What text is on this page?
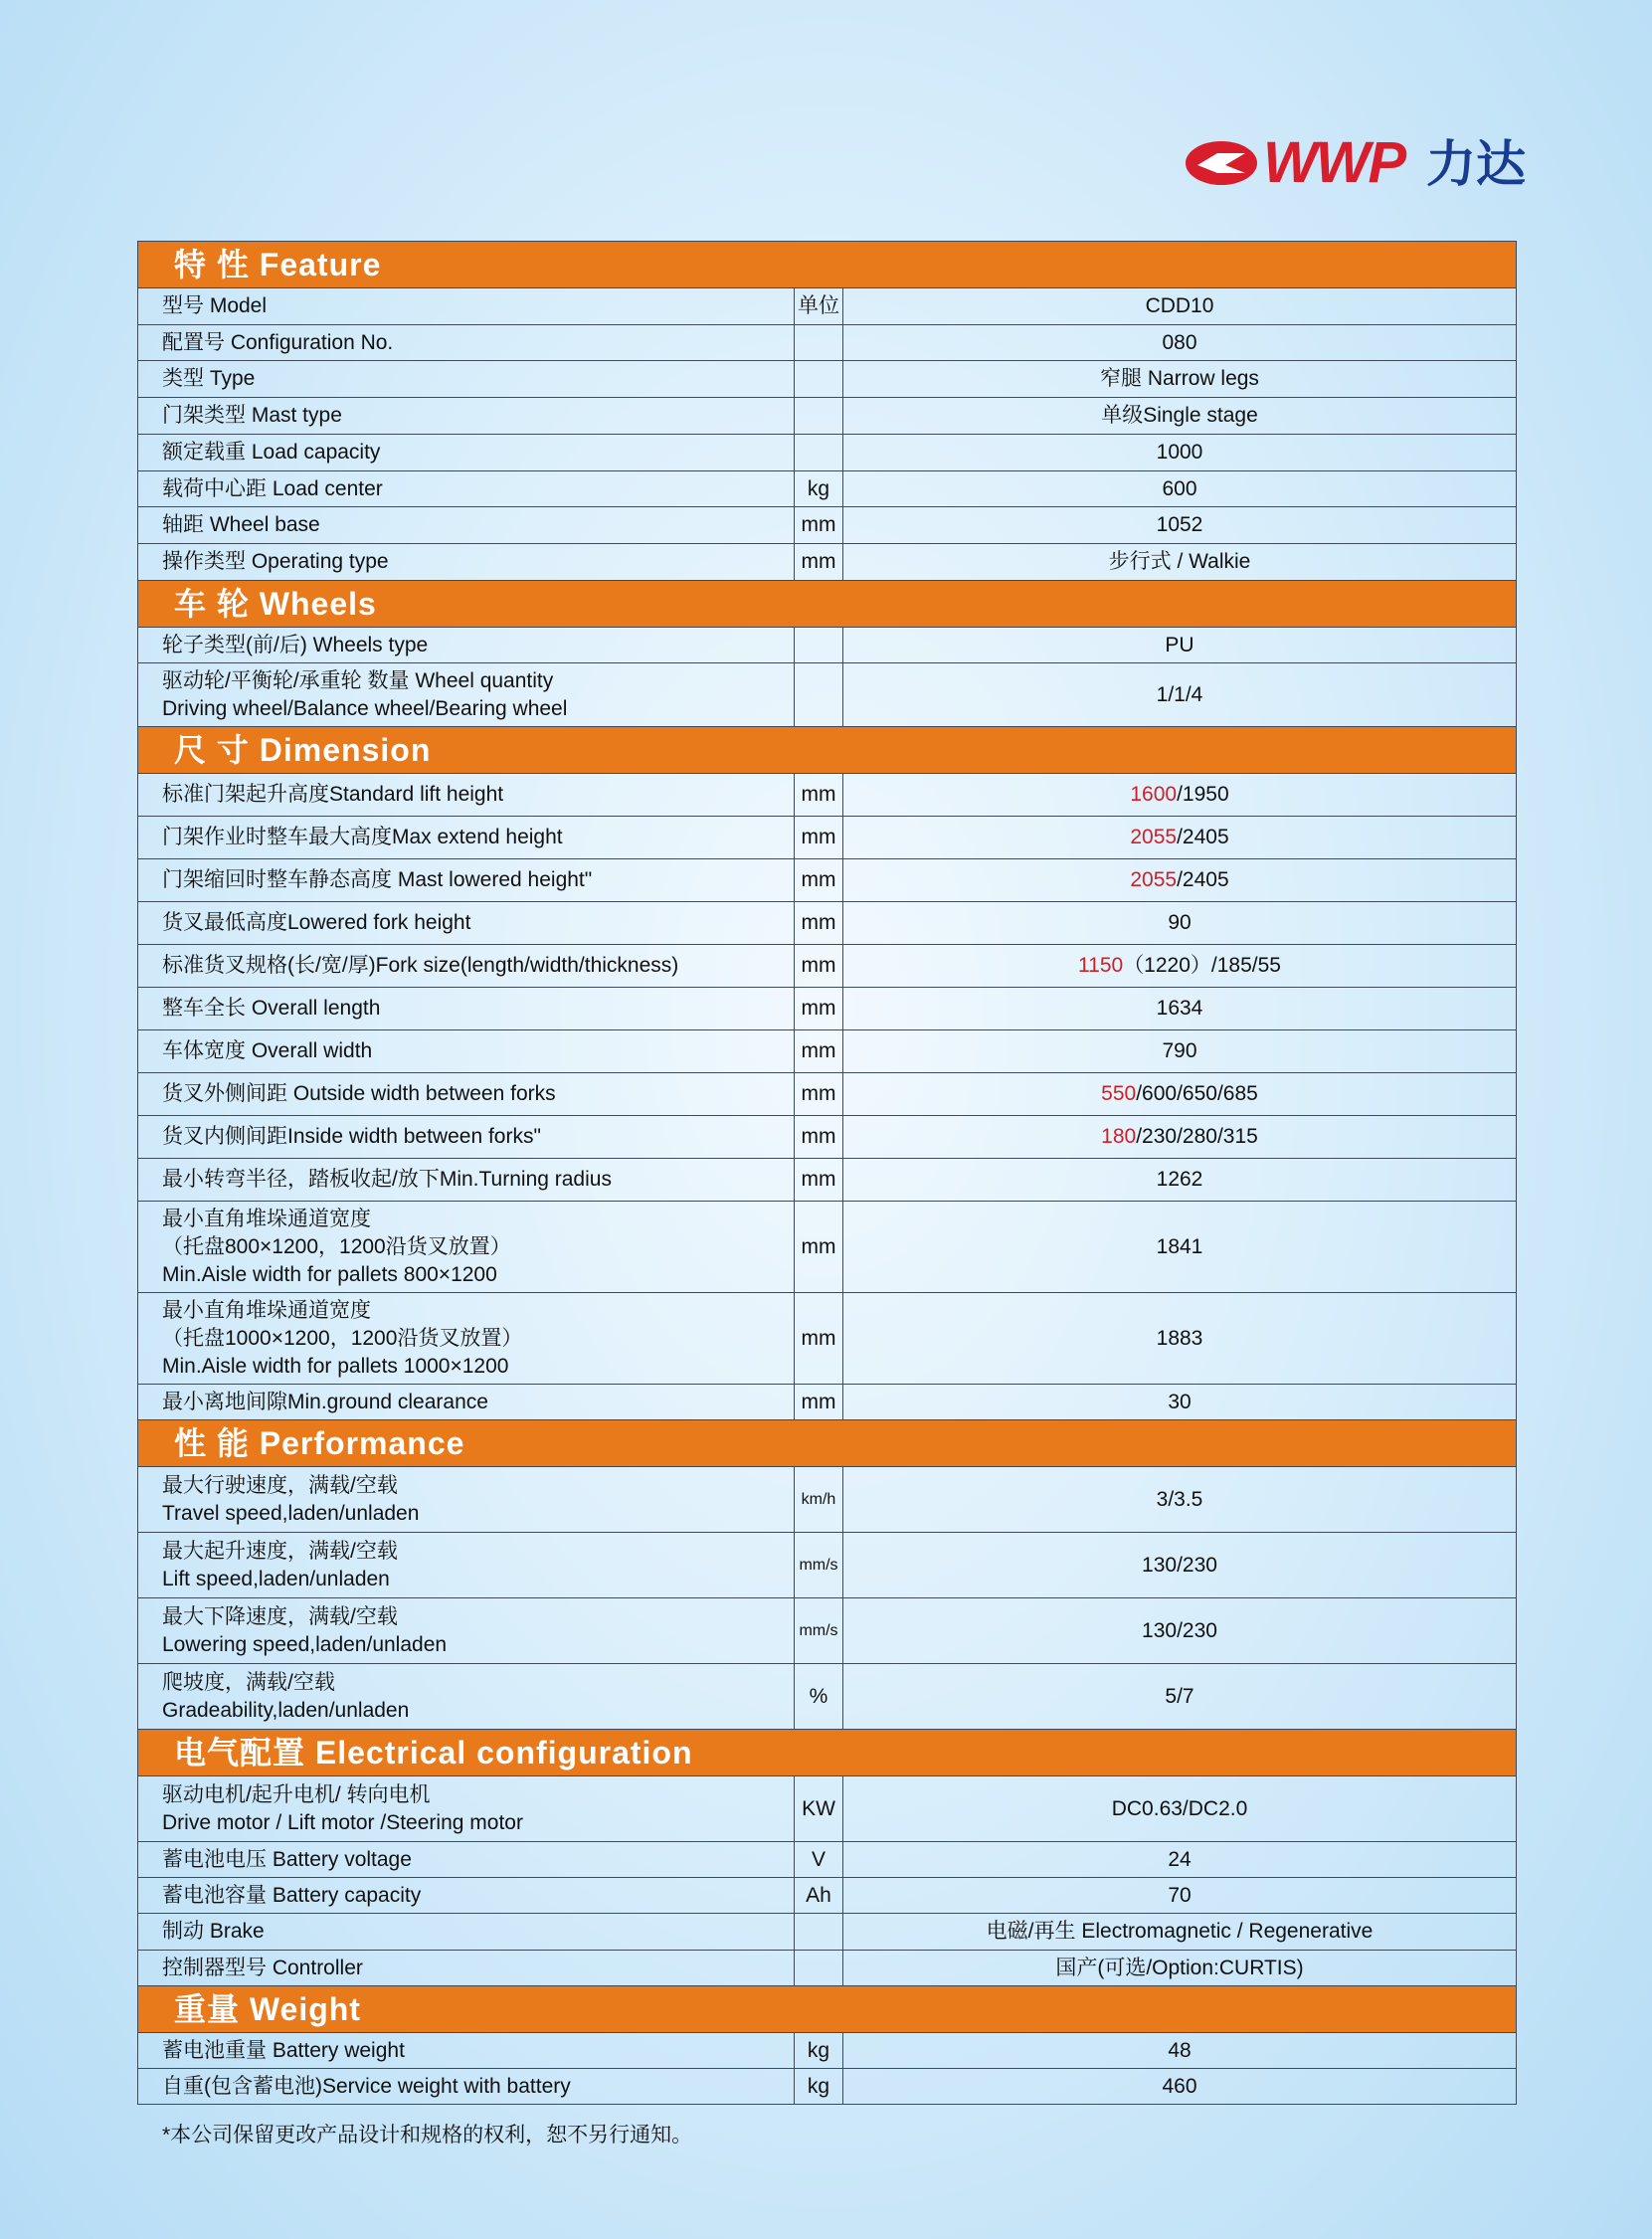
WWP 力达
特 性 Feature		

型号 Model	单位	CDD10

配置号 Configuration No.		080

类型 Type		窄腿 Narrow legs

门架类型 Mast type		单级Single stage

额定载重 Load capacity		1000

载荷中心距 Load center	kg	600

轴距 Wheel base	mm	1052

操作类型 Operating type	mm	步行式 / Walkie
车 轮 Wheels		

轮子类型(前/后) Wheels type		PU

驱动轮/平衡轮/承重轮 数量 Wheel quantity
Driving wheel/Balance wheel/Bearing wheel		1/1/4
尺 寸 Dimension		

标准门架起升高度Standard lift height	mm	1600/1950

门架作业时整车最大高度Max extend height	mm	2055/2405

门架缩回时整车静态高度 Mast lowered height"	mm	2055/2405

货叉最低高度Lowered fork height	mm	90

标准货叉规格(长/宽/厚)Fork size(length/width/thickness)	mm	1150（1220）/185/55

整车全长 Overall length	mm	1634

车体宽度 Overall width	mm	790

货叉外侧间距 Outside width between forks	mm	550/600/650/685

货叉内侧间距Inside width between forks"	mm	180/230/280/315

最小转弯半径，踏板收起/放下Min.Turning radius	mm	1262

最小直角堆垛通道宽度
（托盘800×1200，1200沿货叉放置）
Min.Aisle width for pallets 800×1200	mm	1841

最小直角堆垛通道宽度
（托盘1000×1200，1200沿货叉放置）
Min.Aisle width for pallets 1000×1200	mm	1883

最小离地间隙Min.ground clearance	mm	30
性 能 Performance		

最大行驶速度，满载/空载
Travel speed,laden/unladen	km/h	3/3.5

最大起升速度，满载/空载
Lift speed,laden/unladen	mm/s	130/230

最大下降速度，满载/空载
Lowering speed,laden/unladen	mm/s	130/230

爬坡度，满载/空载
Gradeability,laden/unladen	%	5/7
电气配置 Electrical configuration		

驱动电机/起升电机/ 转向电机
Drive motor / Lift motor /Steering motor	KW	DC0.63/DC2.0

蓄电池电压 Battery voltage	V	24

蓄电池容量 Battery capacity	Ah	70

制动 Brake		电磁/再生 Electromagnetic / Regenerative

控制器型号 Controller		国产(可选/Option:CURTIS)
重量 Weight		

蓄电池重量 Battery weight	kg	48

自重(包含蓄电池)Service weight with battery	kg	460
*本公司保留更改产品设计和规格的权利，恕不另行通知。
